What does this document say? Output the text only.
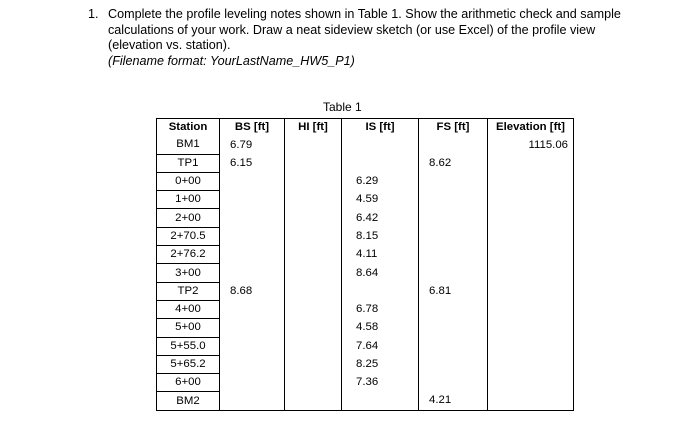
1. Complete the profile leveling notes shown in Table 1. Show the arithmetic check and sample
calculations of your work. Draw a neat sideview sketch (or use Excel) of the profile view
(elevation vs. station).
(Filename format: YourLastName_HW5_P1)
Table 1
Station	BS [ft]	HI [ft]	IS [ft]	FS [ft]	Elevation [ft]
BM1	6.79				1115.06
TP1	6.15			8.62	
0+00			6.29		
1+00			4.59		
2+00			6.42		
2+70.5			8.15		
2+76.2			4.11		
3+00			8.64		
TP2	8.68			6.81	
4+00			6.78		
5+00			4.58		
5+55.0			7.64		
5+65.2			8.25		
6+00			7.36		
BM2				4.21	
